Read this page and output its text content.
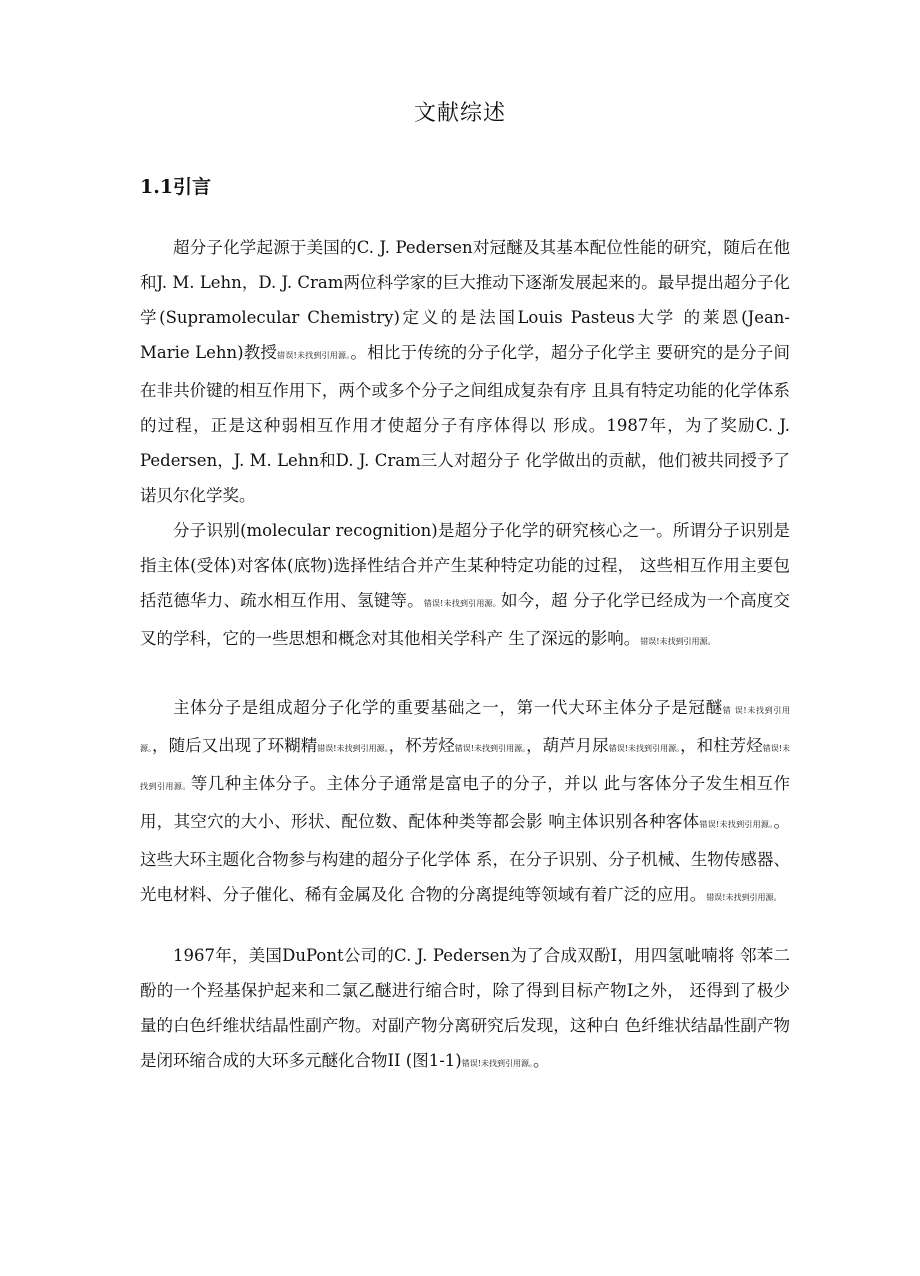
文献综述
1.1引言
超分子化学起源于美国的C. J. Pedersen对冠醚及其基本配位性能的研究，随后在他和J. M. Lehn，D. J. Cram两位科学家的巨大推动下逐渐发展起来的。最早提出超分子化学(Supramolecular Chemistry)定义的是法国Louis Pasteus大学 的莱恩(Jean-Marie Lehn)教授错误!未找到引用源。。相比于传统的分子化学，超分子化学主 要研究的是分子间在非共价键的相互作用下，两个或多个分子之间组成复杂有序 且具有特定功能的化学体系的过程，正是这种弱相互作用才使超分子有序体得以 形成。1987年，为了奖励C. J. Pedersen，J. M. Lehn和D. J. Cram三人对超分子 化学做出的贡献，他们被共同授予了诺贝尔化学奖。
分子识别(molecular recognition)是超分子化学的研究核心之一。所谓分子识别是指主体(受体)对客体(底物)选择性结合并产生某种特定功能的过程， 这些相互作用主要包括范德华力、疏水相互作用、氢键等。错误!未找到引用源。如今，超 分子化学已经成为一个高度交叉的学科，它的一些思想和概念对其他相关学科产 生了深远的影响。错误!未找到引用源。
主体分子是组成超分子化学的重要基础之一，第一代大环主体分子是冠醚错 误!未找到引用源。，随后又出现了环糊精错误!未找到引用源。，杯芳烃错误!未找到引用源。，葫芦月尿错误!未找到引用源。，和柱芳烃错误!未找到引用源。等几种主体分子。主体分子通常是富电子的分子，并以 此与客体分子发生相互作用，其空穴的大小、形状、配位数、配体种类等都会影 响主体识别各种客体错误!未找到引用源。。这些大环主题化合物参与构建的超分子化学体 系，在分子识别、分子机械、生物传感器、光电材料、分子催化、稀有金属及化 合物的分离提纯等领域有着广泛的应用。错误!未找到引用源。
1967年，美国DuPont公司的C. J. Pedersen为了合成双酚I，用四氢呲喃将 邻苯二酚的一个羟基保护起来和二氯乙醚进行缩合时，除了得到目标产物I之外， 还得到了极少量的白色纤维状结晶性副产物。对副产物分离研究后发现，这种白 色纤维状结晶性副产物是闭环缩合成的大环多元醚化合物II (图1-1)错误!未找到引用源。。
